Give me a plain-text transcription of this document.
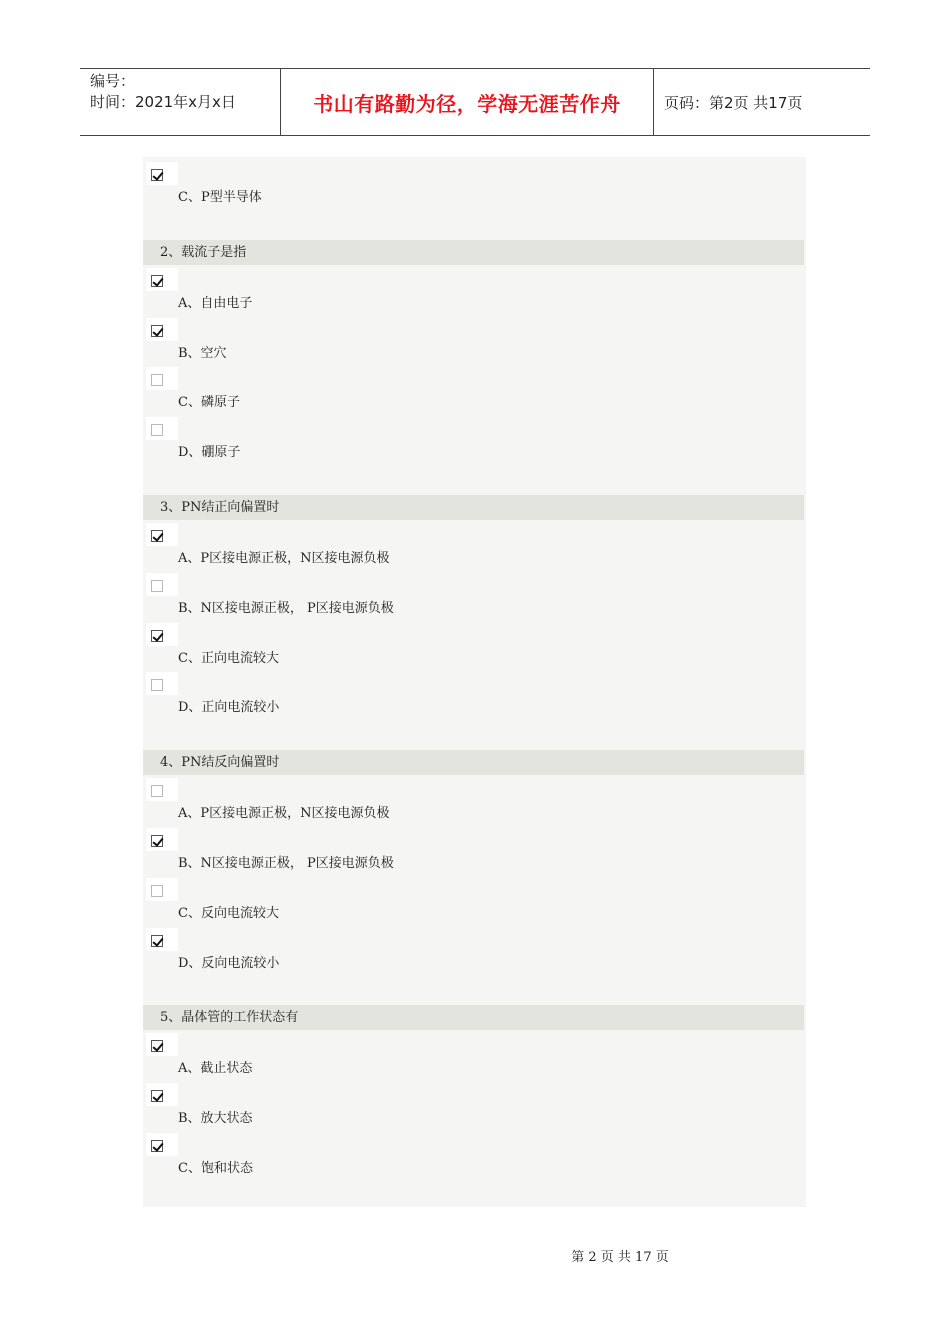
编号：
时间：2021年x月x日	书山有路勤为径，学海无涯苦作舟	页码：第2页 共17页
C、P型半导体
2、载流子是指
A、自由电子
B、空穴
C、磷原子
D、硼原子
3、PN结正向偏置时
A、P区接电源正极，N区接电源负极
B、N区接电源正极， P区接电源负极
C、正向电流较大
D、正向电流较小
4、PN结反向偏置时
A、P区接电源正极，N区接电源负极
B、N区接电源正极， P区接电源负极
C、反向电流较大
D、反向电流较小
5、晶体管的工作状态有
A、截止状态
B、放大状态
C、饱和状态
第 2 页 共 17 页
